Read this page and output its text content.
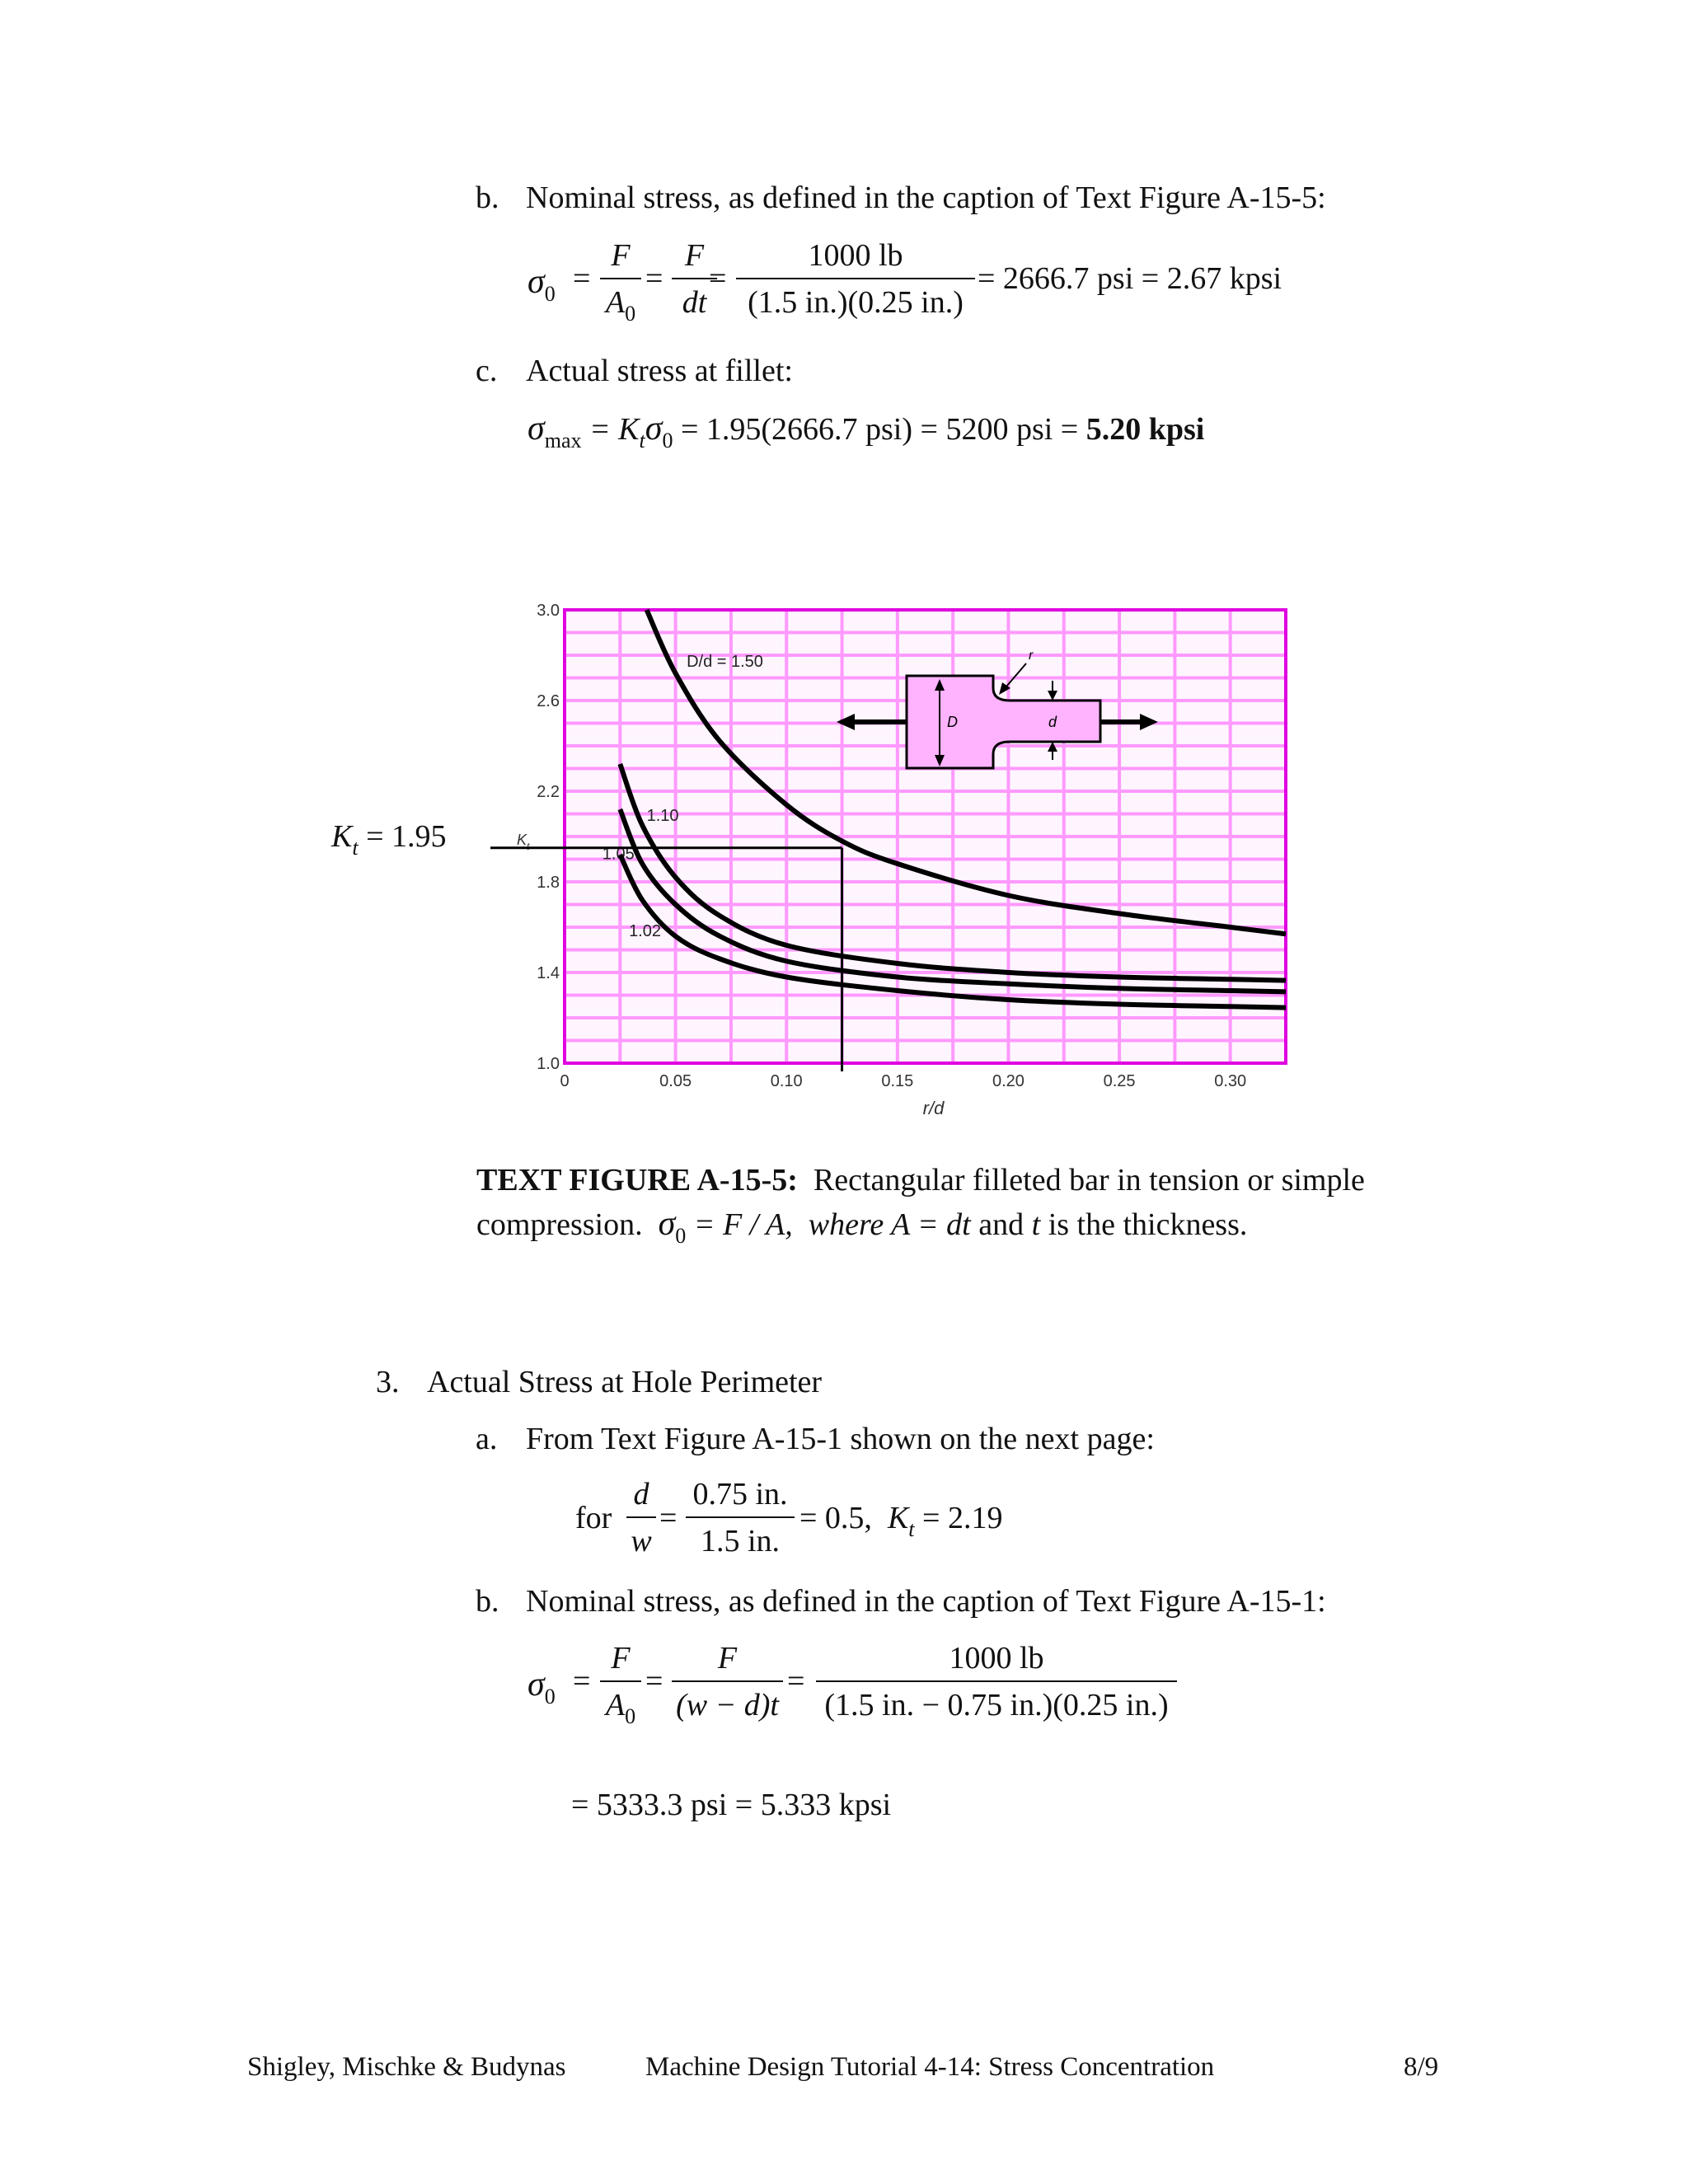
b. Nominal stress, as defined in the caption of Text Figure A-15-5:
$\sigma_0$ =
F
$A_0$
=
F
dt
=
1000 lb
(1.5 in.)(0.25 in.)
= 2666.7 psi = 2.67 kpsi
c. Actual stress at fillet:
$\sigma_{max} = K_t\sigma_0 = 1.95(2666.7$ psi) = 5200 psi = 5.20 kpsi
$K_t = 1.95$
0	0.05	0.10	0.15	0.20	0.25	0.30
3.0
2.6
2.2
1.8
1.4
1.0
r/d
K t
D/d = 1.50
1.10
1.05
1.02
r
D	d
TEXT FIGURE A-15-5:  Rectangular filleted bar in tension or simple
compression.  $\sigma_0 = F / A$,  where A = dt and t is the thickness.
3. Actual Stress at Hole Perimeter
a. From Text Figure A-15-1 shown on the next page:
for
d
w
=
0.75 in.
1.5 in.
= 0.5,  $K_t = 2.19$
b. Nominal stress, as defined in the caption of Text Figure A-15-1:
$\sigma_0$ =
F
$A_0$
=
F
(w − d)t
=
1000 lb
(1.5 in. − 0.75 in.)(0.25 in.)
= 5333.3 psi = 5.333 kpsi
Shigley, Mischke & Budynas	Machine Design Tutorial 4-14: Stress Concentration	8/9
